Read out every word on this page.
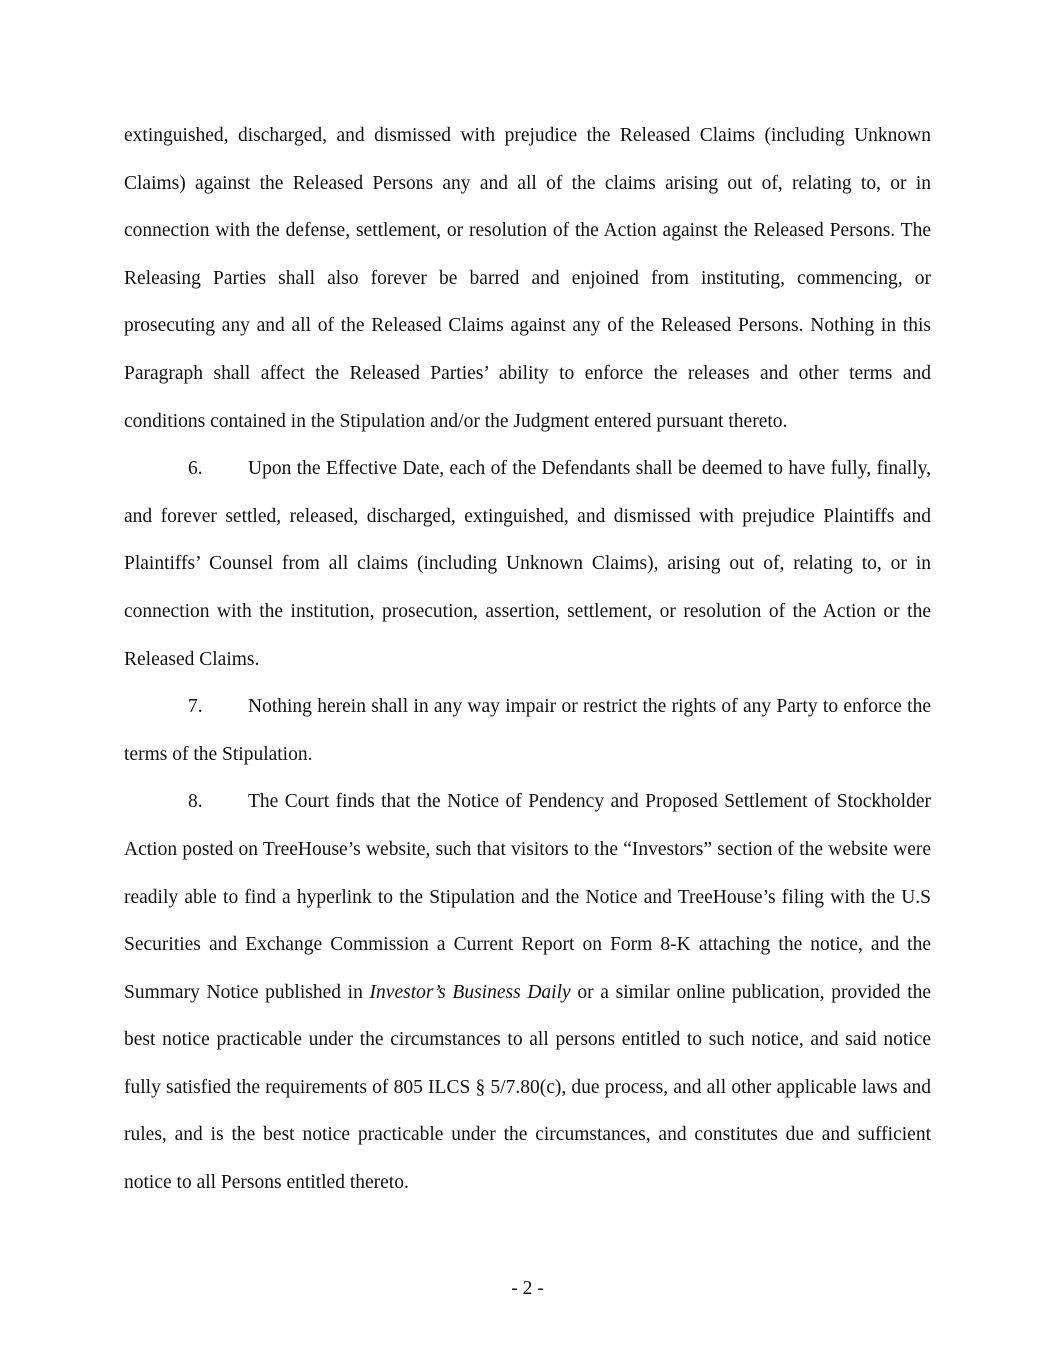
extinguished, discharged, and dismissed with prejudice the Released Claims (including Unknown Claims) against the Released Persons any and all of the claims arising out of, relating to, or in connection with the defense, settlement, or resolution of the Action against the Released Persons. The Releasing Parties shall also forever be barred and enjoined from instituting, commencing, or prosecuting any and all of the Released Claims against any of the Released Persons. Nothing in this Paragraph shall affect the Released Parties’ ability to enforce the releases and other terms and conditions contained in the Stipulation and/or the Judgment entered pursuant thereto.

6. Upon the Effective Date, each of the Defendants shall be deemed to have fully, finally, and forever settled, released, discharged, extinguished, and dismissed with prejudice Plaintiffs and Plaintiffs’ Counsel from all claims (including Unknown Claims), arising out of, relating to, or in connection with the institution, prosecution, assertion, settlement, or resolution of the Action or the Released Claims.

7. Nothing herein shall in any way impair or restrict the rights of any Party to enforce the terms of the Stipulation.

8. The Court finds that the Notice of Pendency and Proposed Settlement of Stockholder Action posted on TreeHouse’s website, such that visitors to the “Investors” section of the website were readily able to find a hyperlink to the Stipulation and the Notice and TreeHouse’s filing with the U.S Securities and Exchange Commission a Current Report on Form 8-K attaching the notice, and the Summary Notice published in Investor’s Business Daily or a similar online publication, provided the best notice practicable under the circumstances to all persons entitled to such notice, and said notice fully satisfied the requirements of 805 ILCS § 5/7.80(c), due process, and all other applicable laws and rules, and is the best notice practicable under the circumstances, and constitutes due and sufficient notice to all Persons entitled thereto.

- 2 -
